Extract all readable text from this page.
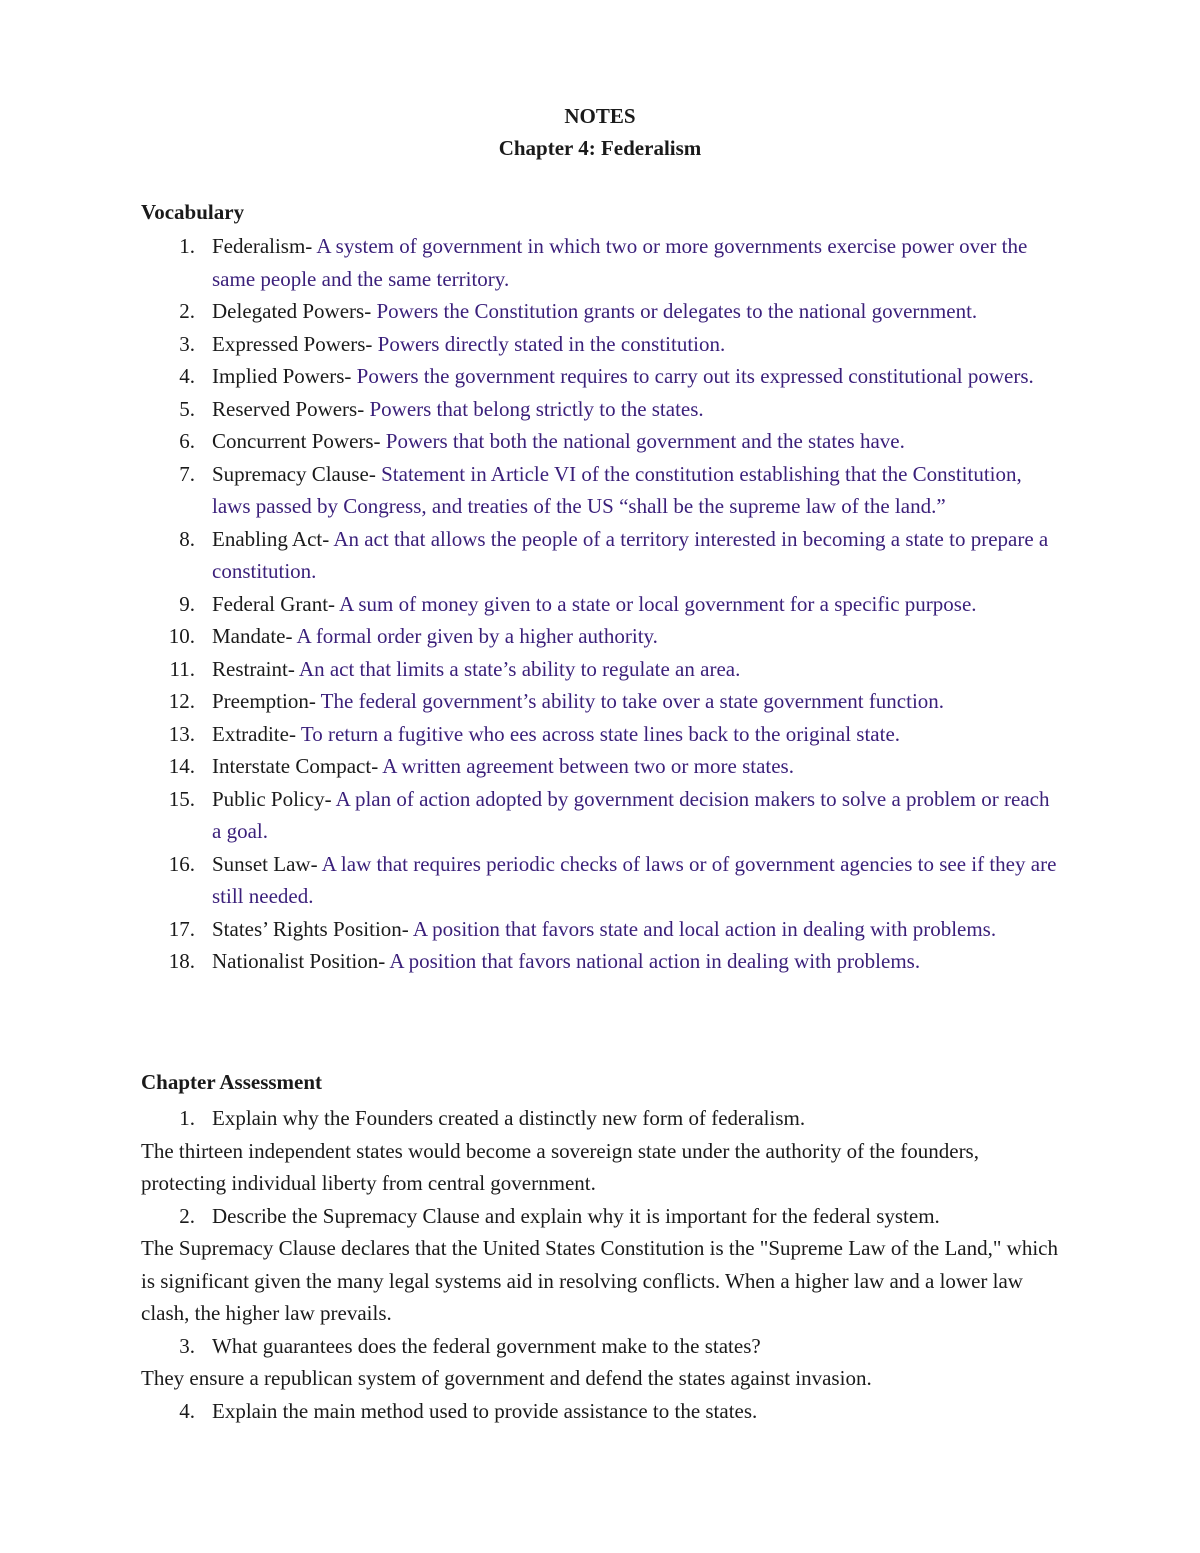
NOTES
Chapter 4: Federalism
Vocabulary
1. Federalism- A system of government in which two or more governments exercise power over the same people and the same territory.
2. Delegated Powers- Powers the Constitution grants or delegates to the national government.
3. Expressed Powers- Powers directly stated in the constitution.
4. Implied Powers- Powers the government requires to carry out its expressed constitutional powers.
5. Reserved Powers- Powers that belong strictly to the states.
6. Concurrent Powers- Powers that both the national government and the states have.
7. Supremacy Clause- Statement in Article VI of the constitution establishing that the Constitution, laws passed by Congress, and treaties of the US “shall be the supreme law of the land.”
8. Enabling Act- An act that allows the people of a territory interested in becoming a state to prepare a constitution.
9. Federal Grant- A sum of money given to a state or local government for a specific purpose.
10. Mandate- A formal order given by a higher authority.
11. Restraint- An act that limits a state’s ability to regulate an area.
12. Preemption- The federal government’s ability to take over a state government function.
13. Extradite- To return a fugitive who ees across state lines back to the original state.
14. Interstate Compact- A written agreement between two or more states.
15. Public Policy- A plan of action adopted by government decision makers to solve a problem or reach a goal.
16. Sunset Law- A law that requires periodic checks of laws or of government agencies to see if they are still needed.
17. States’ Rights Position- A position that favors state and local action in dealing with problems.
18. Nationalist Position- A position that favors national action in dealing with problems.
Chapter Assessment
1. Explain why the Founders created a distinctly new form of federalism.
The thirteen independent states would become a sovereign state under the authority of the founders, protecting individual liberty from central government.
2. Describe the Supremacy Clause and explain why it is important for the federal system.
The Supremacy Clause declares that the United States Constitution is the "Supreme Law of the Land," which is significant given the many legal systems aid in resolving conflicts. When a higher law and a lower law clash, the higher law prevails.
3. What guarantees does the federal government make to the states?
They ensure a republican system of government and defend the states against invasion.
4. Explain the main method used to provide assistance to the states.
